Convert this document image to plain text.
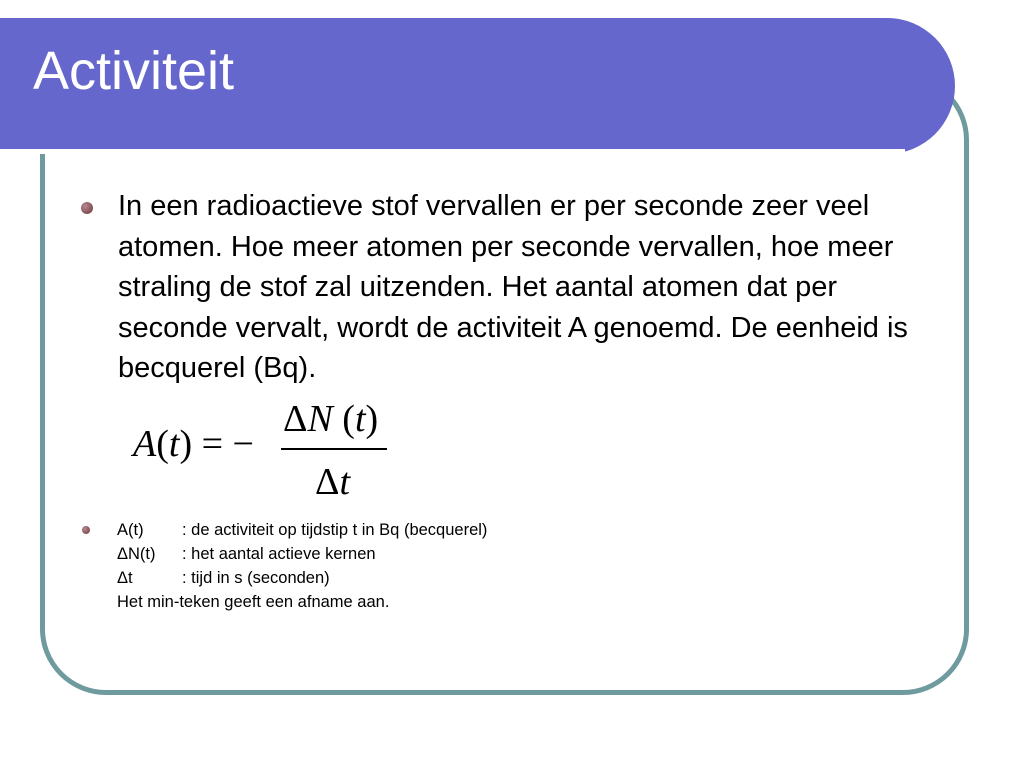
Activiteit
In een radioactieve stof vervallen er per seconde zeer veel atomen. Hoe meer atomen per seconde vervallen, hoe meer straling de stof zal uitzenden. Het aantal atomen dat per seconde vervalt, wordt de activiteit A genoemd. De eenheid is becquerel (Bq).
A(t) = −
ΔN (t)
Δt
A(t)	: de activiteit op tijdstip t in Bq (becquerel)
ΔN(t)	: het aantal actieve kernen
Δt	: tijd in s (seconden)
Het min-teken geeft een afname aan.
